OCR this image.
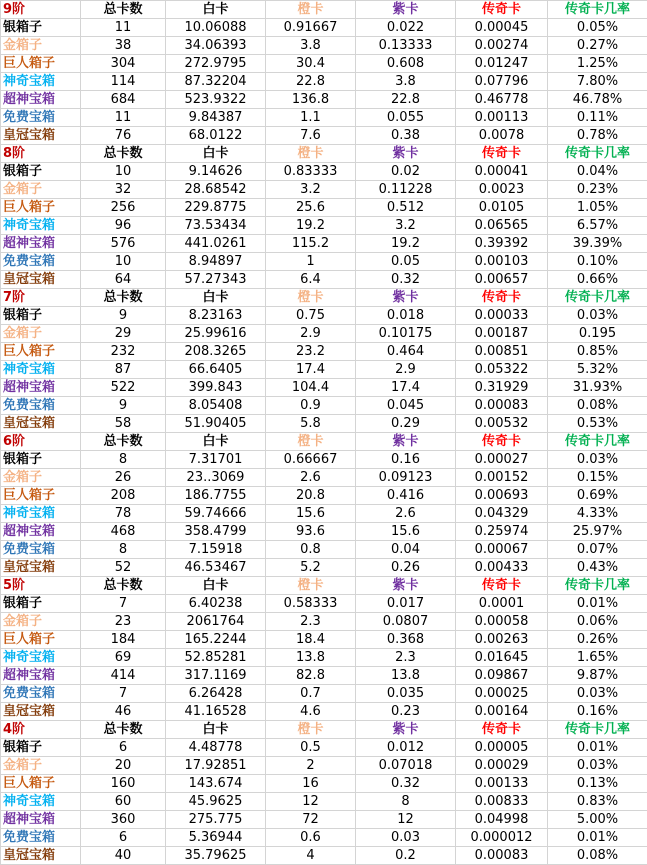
9阶	总卡数	白卡	橙卡	紫卡	传奇卡	传奇卡几率
银箱子	11	10.06088	0.91667	0.022	0.00045	0.05%
金箱子	38	34.06393	3.8	0.13333	0.00274	0.27%
巨人箱子	304	272.9795	30.4	0.608	0.01247	1.25%
神奇宝箱	114	87.32204	22.8	3.8	0.07796	7.80%
超神宝箱	684	523.9322	136.8	22.8	0.46778	46.78%
免费宝箱	11	9.84387	1.1	0.055	0.00113	0.11%
皇冠宝箱	76	68.0122	7.6	0.38	0.0078	0.78%
8阶	总卡数	白卡	橙卡	紫卡	传奇卡	传奇卡几率
银箱子	10	9.14626	0.83333	0.02	0.00041	0.04%
金箱子	32	28.68542	3.2	0.11228	0.0023	0.23%
巨人箱子	256	229.8775	25.6	0.512	0.0105	1.05%
神奇宝箱	96	73.53434	19.2	3.2	0.06565	6.57%
超神宝箱	576	441.0261	115.2	19.2	0.39392	39.39%
免费宝箱	10	8.94897	1	0.05	0.00103	0.10%
皇冠宝箱	64	57.27343	6.4	0.32	0.00657	0.66%
7阶	总卡数	白卡	橙卡	紫卡	传奇卡	传奇卡几率
银箱子	9	8.23163	0.75	0.018	0.00033	0.03%
金箱子	29	25.99616	2.9	0.10175	0.00187	0.195
巨人箱子	232	208.3265	23.2	0.464	0.00851	0.85%
神奇宝箱	87	66.6405	17.4	2.9	0.05322	5.32%
超神宝箱	522	399.843	104.4	17.4	0.31929	31.93%
免费宝箱	9	8.05408	0.9	0.045	0.00083	0.08%
皇冠宝箱	58	51.90405	5.8	0.29	0.00532	0.53%
6阶	总卡数	白卡	橙卡	紫卡	传奇卡	传奇卡几率
银箱子	8	7.31701	0.66667	0.16	0.00027	0.03%
金箱子	26	23..3069	2.6	0.09123	0.00152	0.15%
巨人箱子	208	186.7755	20.8	0.416	0.00693	0.69%
神奇宝箱	78	59.74666	15.6	2.6	0.04329	4.33%
超神宝箱	468	358.4799	93.6	15.6	0.25974	25.97%
免费宝箱	8	7.15918	0.8	0.04	0.00067	0.07%
皇冠宝箱	52	46.53467	5.2	0.26	0.00433	0.43%
5阶	总卡数	白卡	橙卡	紫卡	传奇卡	传奇卡几率
银箱子	7	6.40238	0.58333	0.017	0.0001	0.01%
金箱子	23	2061764	2.3	0.0807	0.00058	0.06%
巨人箱子	184	165.2244	18.4	0.368	0.00263	0.26%
神奇宝箱	69	52.85281	13.8	2.3	0.01645	1.65%
超神宝箱	414	317.1169	82.8	13.8	0.09867	9.87%
免费宝箱	7	6.26428	0.7	0.035	0.00025	0.03%
皇冠宝箱	46	41.16528	4.6	0.23	0.00164	0.16%
4阶	总卡数	白卡	橙卡	紫卡	传奇卡	传奇卡几率
银箱子	6	4.48778	0.5	0.012	0.00005	0.01%
金箱子	20	17.92851	2	0.07018	0.00029	0.03%
巨人箱子	160	143.674	16	0.32	0.00133	0.13%
神奇宝箱	60	45.9625	12	8	0.00833	0.83%
超神宝箱	360	275.775	72	12	0.04998	5.00%
免费宝箱	6	5.36944	0.6	0.03	0.000012	0.01%
皇冠宝箱	40	35.79625	4	0.2	0.00083	0.08%
